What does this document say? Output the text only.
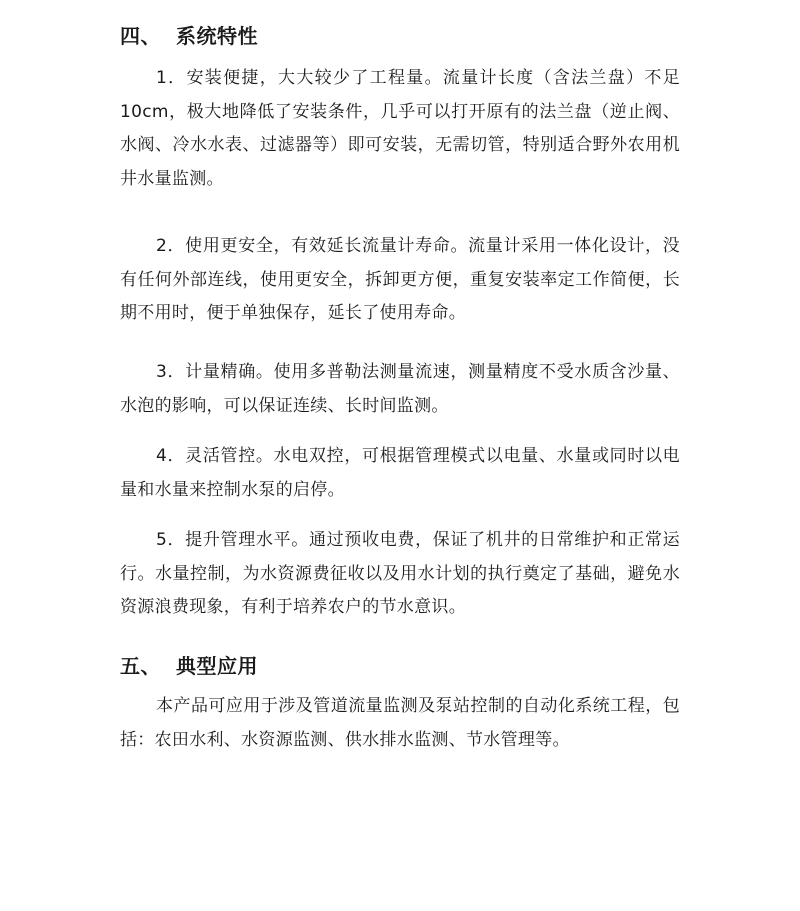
四、 系统特性

1．安装便捷，大大较少了工程量。流量计长度（含法兰盘）不足 10cm，极大地降低了安装条件，几乎可以打开原有的法兰盘（逆止阀、水阀、冷水水表、过滤器等）即可安装，无需切管，特别适合野外农用机井水量监测。

2．使用更安全，有效延长流量计寿命。流量计采用一体化设计，没有任何外部连线，使用更安全，拆卸更方便，重复安装率定工作简便，长期不用时，便于单独保存，延长了使用寿命。

3．计量精确。使用多普勒法测量流速，测量精度不受水质含沙量、水泡的影响，可以保证连续、长时间监测。

4．灵活管控。水电双控，可根据管理模式以电量、水量或同时以电量和水量来控制水泵的启停。

5．提升管理水平。通过预收电费，保证了机井的日常维护和正常运行。水量控制，为水资源费征收以及用水计划的执行奠定了基础，避免水资源浪费现象，有利于培养农户的节水意识。

五、 典型应用

本产品可应用于涉及管道流量监测及泵站控制的自动化系统工程，包括：农田水利、水资源监测、供水排水监测、节水管理等。
